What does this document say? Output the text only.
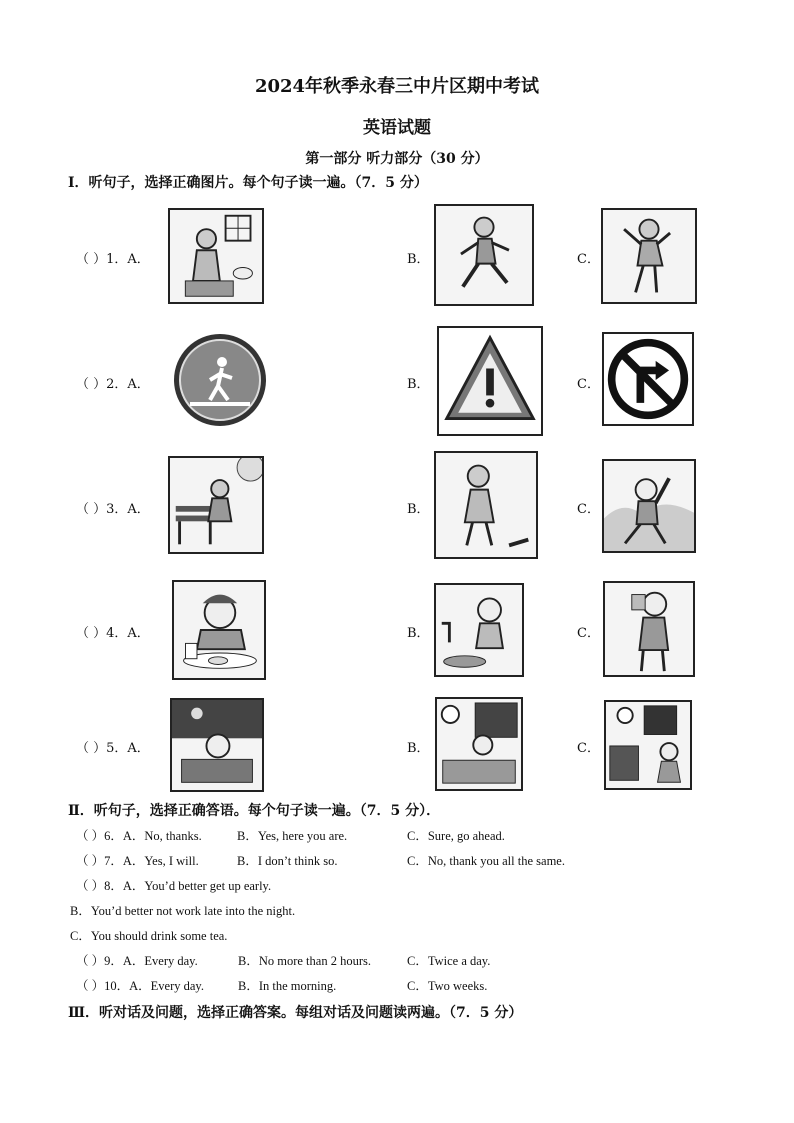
2024年秋季永春三中片区期中考试
英语试题
第一部分 听力部分（30 分）
Ⅰ．听句子，选择正确图片。每个句子读一遍。（7．5 分）
（ ）1．A．	B．	C．
（ ）2．A．	B．	C．
（ ）3．A．	B．	C．
（ ）4．A．	B．	C．
（ ）5．A．	B．	C．
Ⅱ．听句子，选择正确答语。每个句子读一遍。（7．5 分）．
（ ）6．A．No, thanks.	B．Yes, here you are.	C．Sure, go ahead.
（ ）7．A．Yes, I will.	B．I don’t think so.	C．No, thank you all the same.
（ ）8．A．You’d better get up early.
B．You’d better not work late into the night.
C．You should drink some tea.
（ ）9．A．Every day.	B．No more than 2 hours.	C．Twice a day.
（ ）10．A．Every day.	B．In the morning.	C．Two weeks.
Ⅲ．听对话及问题，选择正确答案。每组对话及问题读两遍。（7．5 分）
